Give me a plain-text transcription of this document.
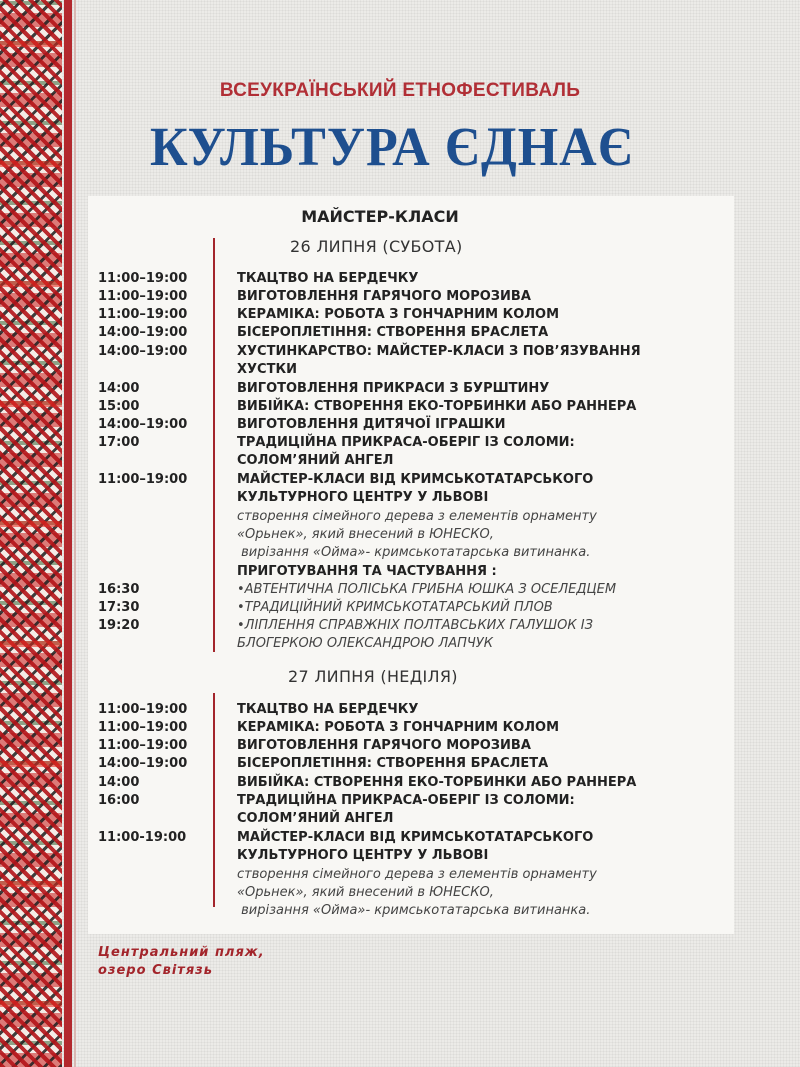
ВСЕУКРАЇНСЬКИЙ ЕТНОФЕСТИВАЛЬ
КУЛЬТУРА ЄДНАЄ
МАЙСТЕР-КЛАСИ
26 ЛИПНЯ (СУБОТА)
11:00–19:00	ТКАЦТВО НА БЕРДЕЧКУ
11:00–19:00	ВИГОТОВЛЕННЯ ГАРЯЧОГО МОРОЗИВА
11:00–19:00	КЕРАМІКА: РОБОТА З ГОНЧАРНИМ КОЛОМ
14:00–19:00	БІСЕРОПЛЕТІННЯ: СТВОРЕННЯ БРАСЛЕТА
14:00–19:00	ХУСТИНКАРСТВО: МАЙСТЕР-КЛАСИ З ПОВ’ЯЗУВАННЯ ХУСТКИ
14:00	ВИГОТОВЛЕННЯ ПРИКРАСИ З БУРШТИНУ
15:00	ВИБІЙКА: СТВОРЕННЯ ЕКО-ТОРБИНКИ АБО РАННЕРА
14:00–19:00	ВИГОТОВЛЕННЯ ДИТЯЧОЇ ІГРАШКИ
17:00	ТРАДИЦІЙНА ПРИКРАСА-ОБЕРІГ ІЗ СОЛОМИ: СОЛОМ’ЯНИЙ АНГЕЛ
11:00–19:00	МАЙСТЕР-КЛАСИ ВІД КРИМСЬКОТАТАРСЬКОГО КУЛЬТУРНОГО ЦЕНТРУ У ЛЬВОВІ
створення сімейного дерева з елементів орнаменту
«Орьнек», який внесений в ЮНЕСКО,
вирізання «Ойма»- кримськотатарська витинанка.
ПРИГОТУВАННЯ ТА ЧАСТУВАННЯ :
16:30	•АВТЕНТИЧНА ПОЛІСЬКА ГРИБНА ЮШКА З ОСЕЛЕДЦЕМ
17:30	•ТРАДИЦІЙНИЙ КРИМСЬКОТАТАРСЬКИЙ ПЛОВ
19:20	•ЛІПЛЕННЯ СПРАВЖНІХ ПОЛТАВСЬКИХ ГАЛУШОК ІЗ БЛОГЕРКОЮ ОЛЕКСАНДРОЮ ЛАПЧУК
27 ЛИПНЯ (НЕДІЛЯ)
11:00–19:00	ТКАЦТВО НА БЕРДЕЧКУ
11:00–19:00	КЕРАМІКА: РОБОТА З ГОНЧАРНИМ КОЛОМ
11:00–19:00	ВИГОТОВЛЕННЯ ГАРЯЧОГО МОРОЗИВА
14:00–19:00	БІСЕРОПЛЕТІННЯ: СТВОРЕННЯ БРАСЛЕТА
14:00	ВИБІЙКА: СТВОРЕННЯ ЕКО-ТОРБИНКИ АБО РАННЕРА
16:00	ТРАДИЦІЙНА ПРИКРАСА-ОБЕРІГ ІЗ СОЛОМИ: СОЛОМ’ЯНИЙ АНГЕЛ
11:00-19:00	МАЙСТЕР-КЛАСИ ВІД КРИМСЬКОТАТАРСЬКОГО КУЛЬТУРНОГО ЦЕНТРУ У ЛЬВОВІ
створення сімейного дерева з елементів орнаменту
«Орьнек», який внесений в ЮНЕСКО,
вирізання «Ойма»- кримськотатарська витинанка.
Центральний пляж,
озеро Світязь
